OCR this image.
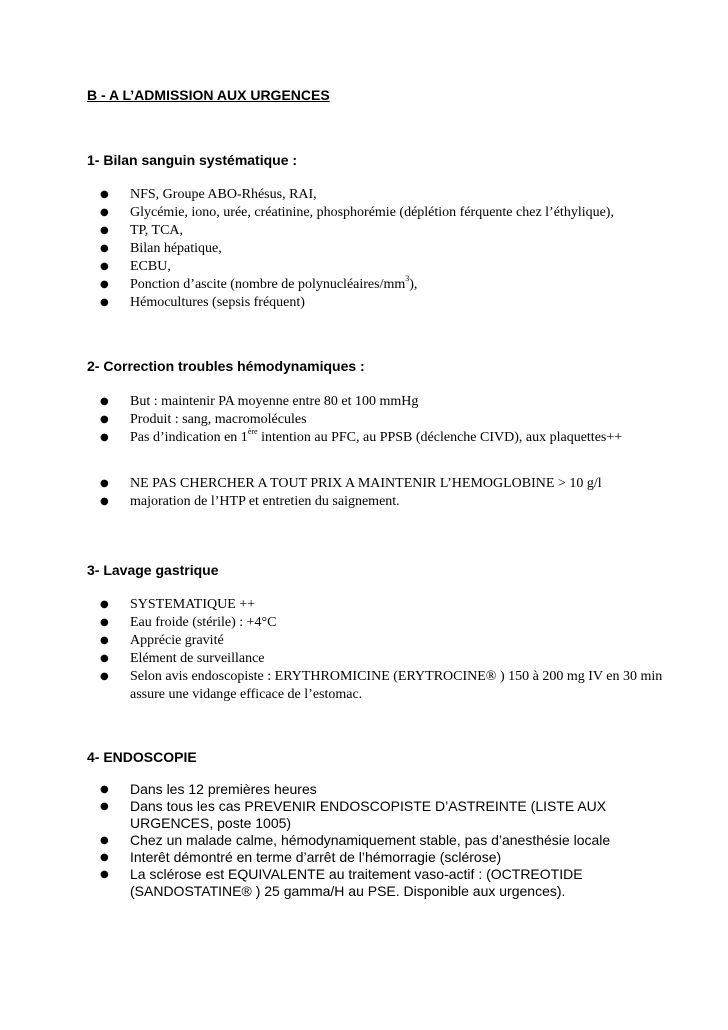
B - A L’ADMISSION AUX URGENCES
1- Bilan sanguin systématique :
● NFS, Groupe ABO-Rhésus, RAI,
● Glycémie, iono, urée, créatinine, phosphorémie (déplétion férquente chez l’éthylique),
● TP, TCA,
● Bilan hépatique,
● ECBU,
● Ponction d’ascite (nombre de polynucléaires/$mm^3$),
● Hémocultures (sepsis fréquent)
2- Correction troubles hémodynamiques :
● But : maintenir PA moyenne entre 80 et 100 mmHg
● Produit : sang, macromolécules
● Pas d’indication en 1ère intention au PFC, au PPSB (déclenche CIVD), aux plaquettes++
● NE PAS CHERCHER A TOUT PRIX A MAINTENIR L’HEMOGLOBINE > 10 g/l
● majoration de l’HTP et entretien du saignement.
3- Lavage gastrique
● SYSTEMATIQUE ++
● Eau froide (stérile) : +4°C
● Apprécie gravité
● Elément de surveillance
● Selon avis endoscopiste : ERYTHROMICINE (ERYTROCINE® ) 150 à 200 mg IV en 30 min assure une vidange efficace de l’estomac.
4- ENDOSCOPIE
● Dans les 12 premières heures
● Dans tous les cas PREVENIR ENDOSCOPISTE D’ASTREINTE (LISTE AUX URGENCES, poste 1005)
● Chez un malade calme, hémodynamiquement stable, pas d’anesthésie locale
● Interêt démontré en terme d’arrêt de l’hémorragie (sclérose)
● La sclérose est EQUIVALENTE au traitement vaso-actif : (OCTREOTIDE (SANDOSTATINE® ) 25 gamma/H au PSE. Disponible aux urgences).
